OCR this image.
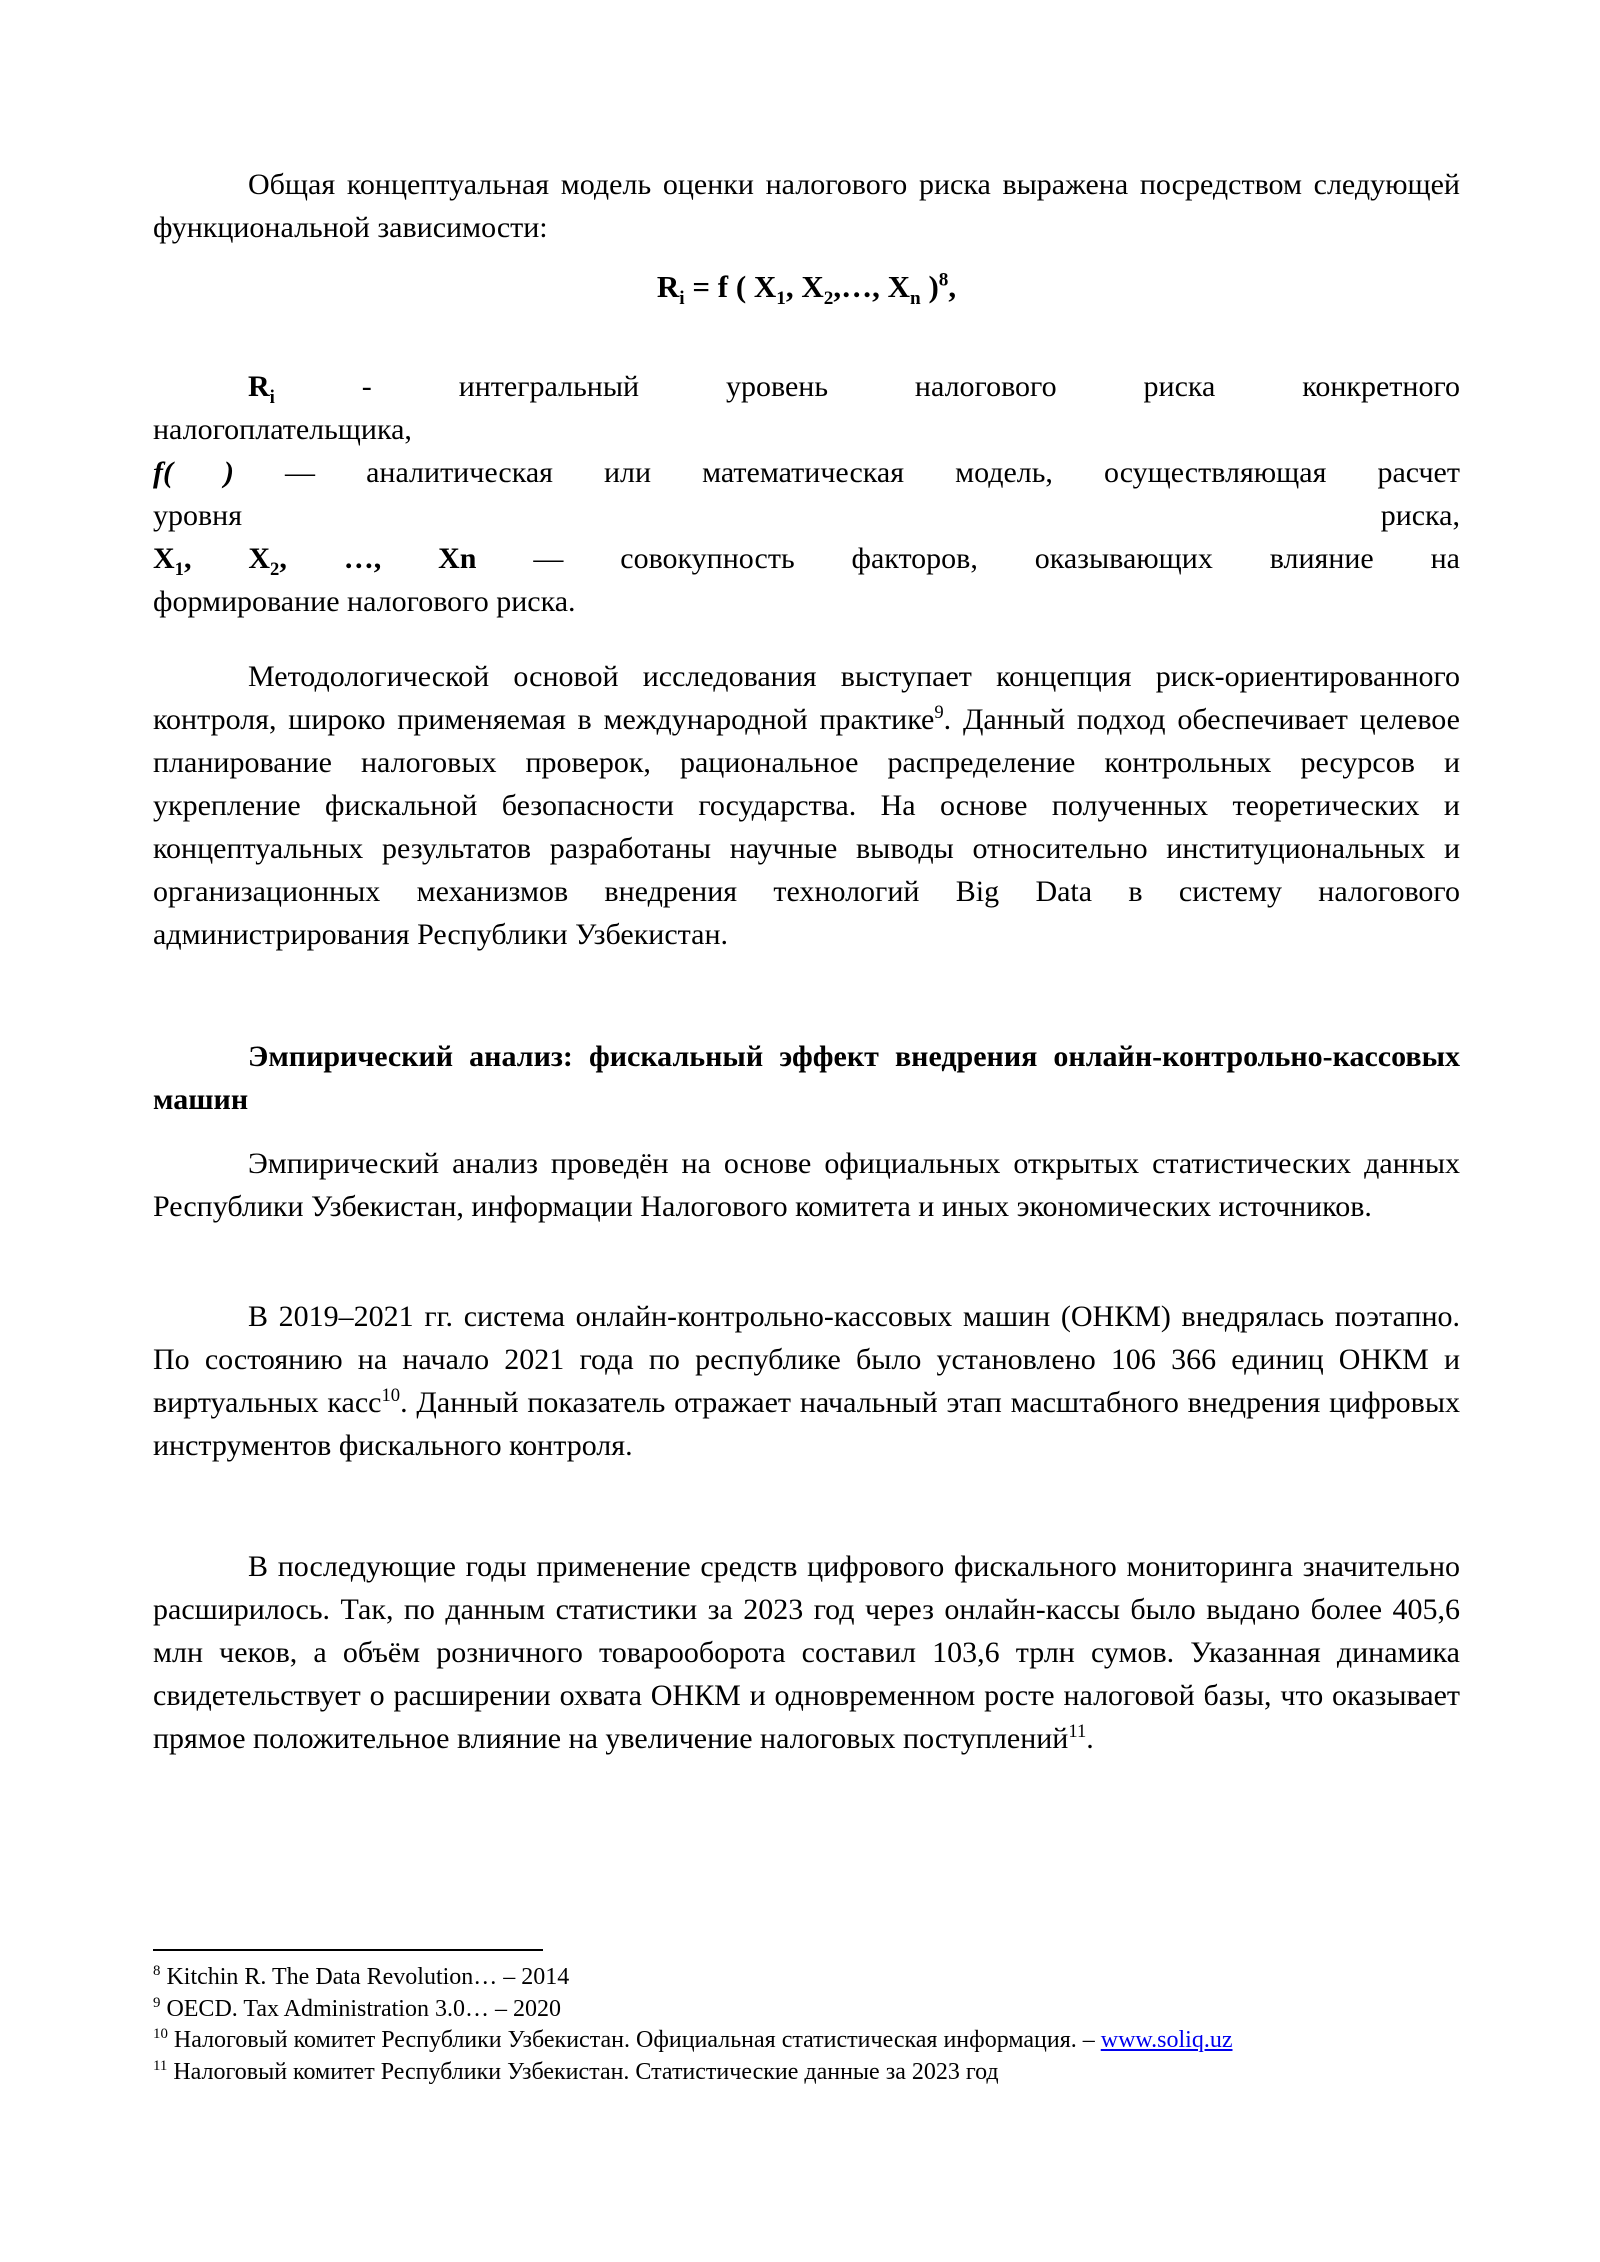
Общая концептуальная модель оценки налогового риска выражена посредством следующей функциональной зависимости:
$R_i = f$ ( $X_1$, $X_2,\dots$, $X_n$ )$^8$,
$R_i$ - интегральный уровень налогового риска конкретного
налогоплательщика,
f( ) — аналитическая или математическая модель, осуществляющая расчет
уровня	риска,
$X_1$, $X_2$, …, Xn — совокупность факторов, оказывающих влияние на
формирование налогового риска.
Методологической основой исследования выступает концепция риск-ориентированного контроля, широко применяемая в международной практике$^9$. Данный подход обеспечивает целевое планирование налоговых проверок, рациональное распределение контрольных ресурсов и укрепление фискальной безопасности государства. На основе полученных теоретических и концептуальных результатов разработаны научные выводы относительно институциональных и организационных механизмов внедрения технологий Big Data в систему налогового администрирования Республики Узбекистан.
Эмпирический анализ: фискальный эффект внедрения онлайн-контрольно-кассовых машин
Эмпирический анализ проведён на основе официальных открытых статистических данных Республики Узбекистан, информации Налогового комитета и иных экономических источников.
В 2019–2021 гг. система онлайн-контрольно-кассовых машин (ОНКМ) внедрялась поэтапно. По состоянию на начало 2021 года по республике было установлено 106 366 единиц ОНКМ и виртуальных касс$^{10}$. Данный показатель отражает начальный этап масштабного внедрения цифровых инструментов фискального контроля.
В последующие годы применение средств цифрового фискального мониторинга значительно расширилось. Так, по данным статистики за 2023 год через онлайн-кассы было выдано более 405,6 млн чеков, а объём розничного товарооборота составил 103,6 трлн сумов. Указанная динамика свидетельствует о расширении охвата ОНКМ и одновременном росте налоговой базы, что оказывает прямое положительное влияние на увеличение налоговых поступлений$^{11}$.
$^8$ Kitchin R. The Data Revolution… – 2014
$^9$ OECD. Tax Administration 3.0… – 2020
$^{10}$ Налоговый комитет Республики Узбекистан. Официальная статистическая информация. – www.soliq.uz
$^{11}$ Налоговый комитет Республики Узбекистан. Статистические данные за 2023 год
